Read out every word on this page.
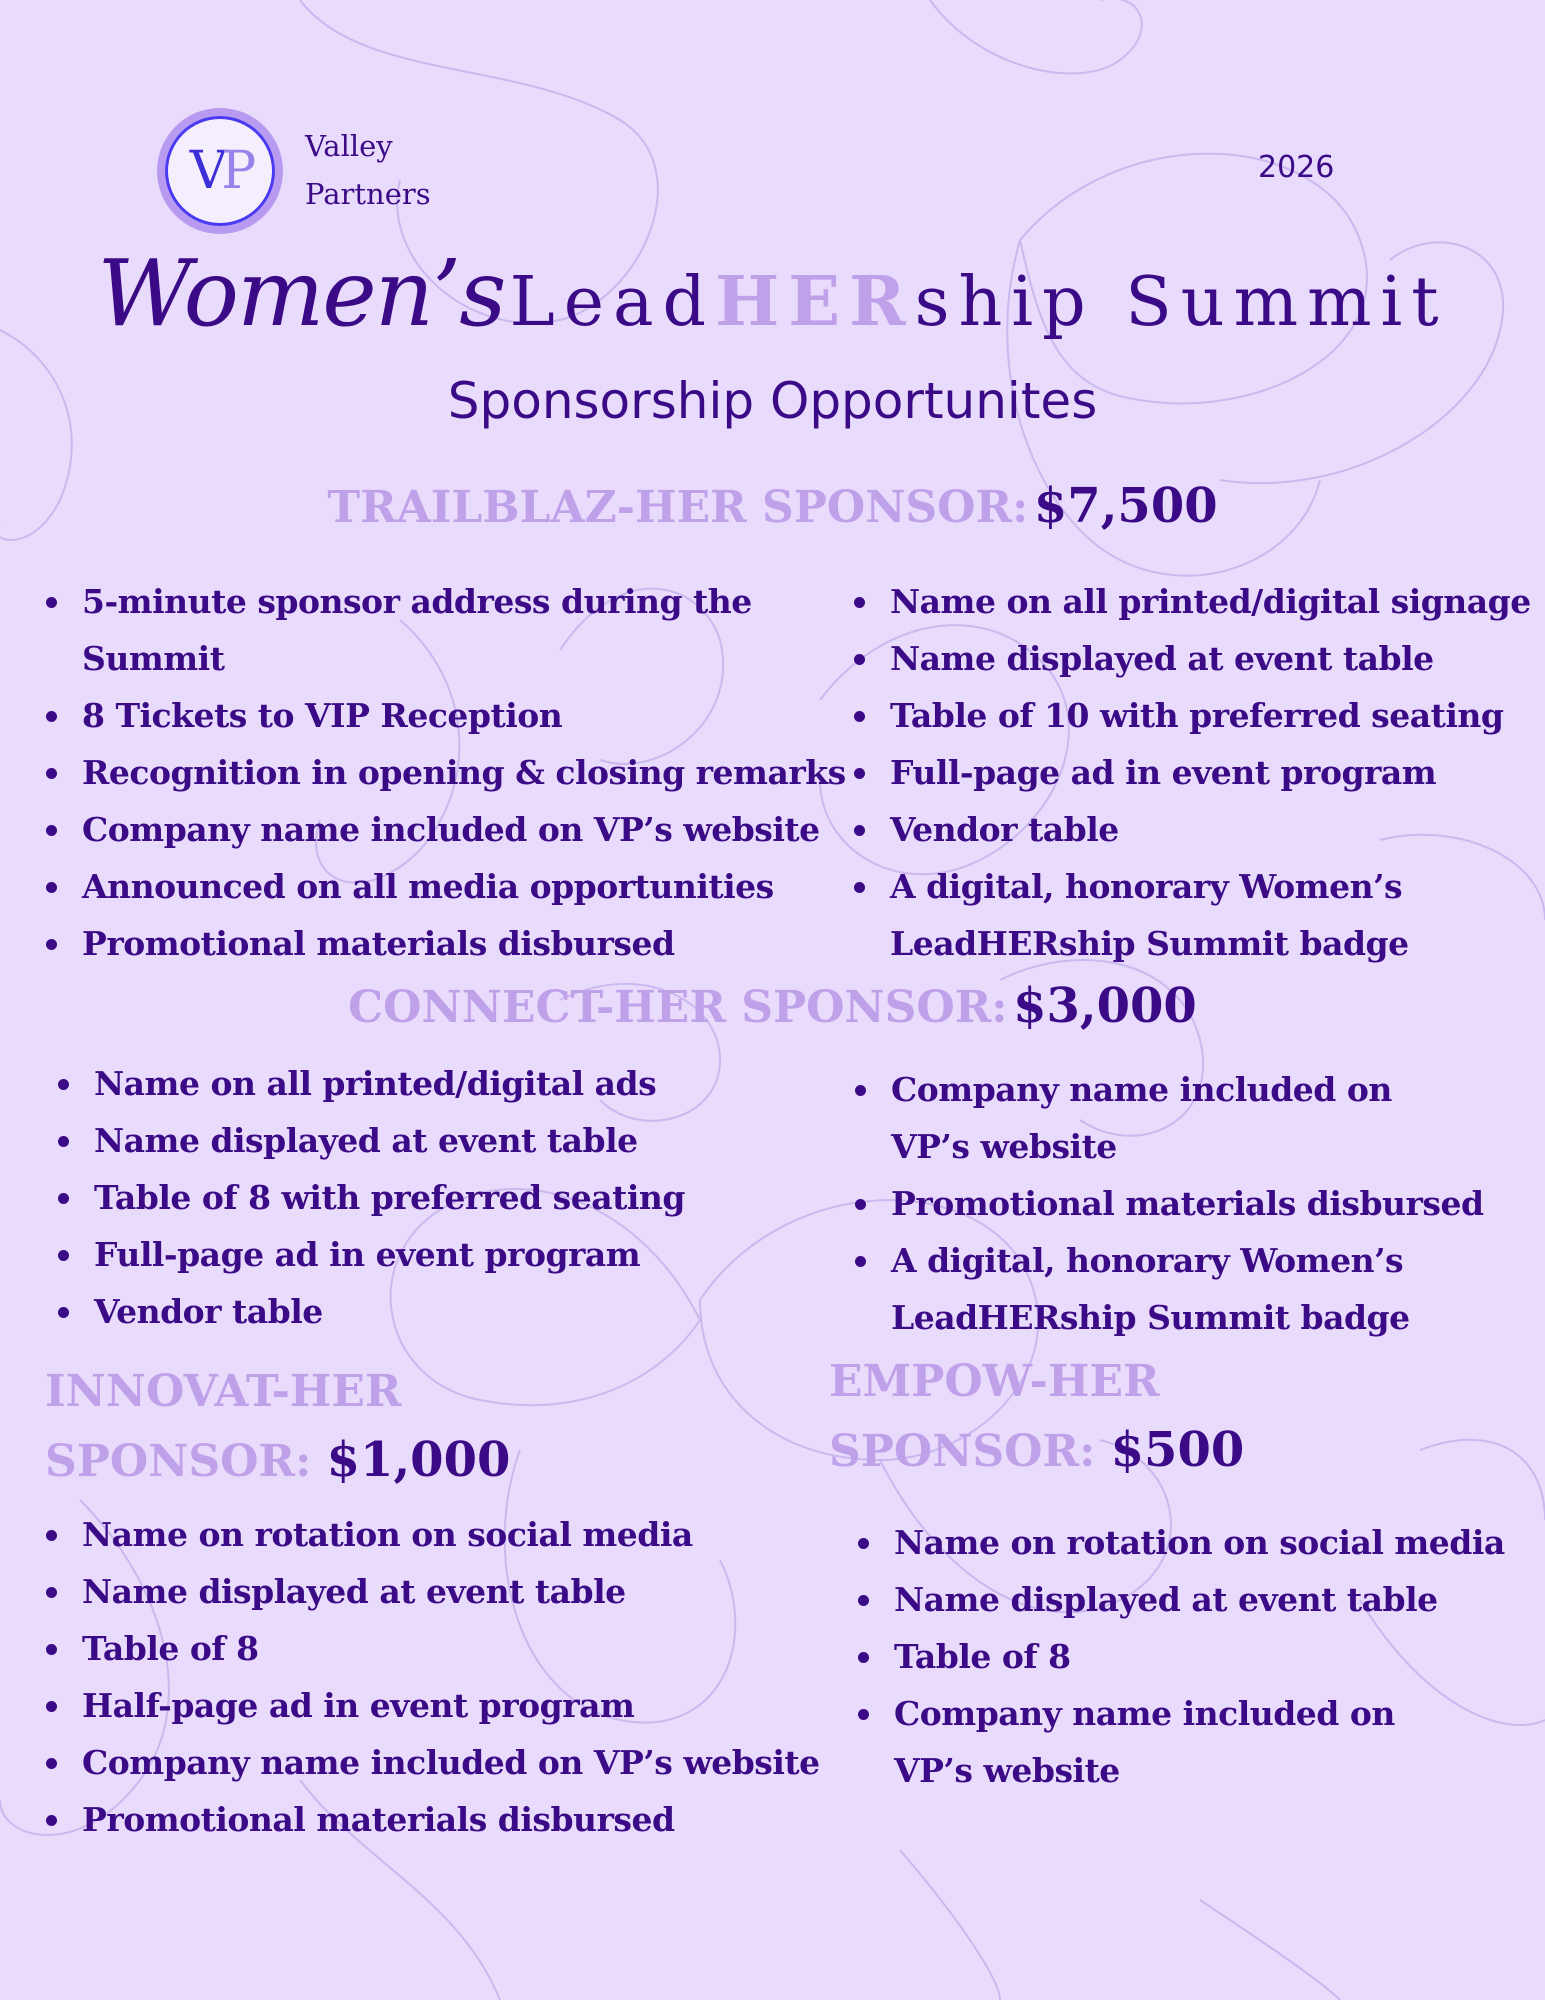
VP Valley
Partners
2026
Women’s LeadHERship Summit
Sponsorship Opportunites
TRAILBLAZ-HER SPONSOR: $7,500
5-minute sponsor address during the Summit
8 Tickets to VIP Reception
Recognition in opening & closing remarks
Company name included on VP’s website
Announced on all media opportunities
Promotional materials disbursed
Name on all printed/digital signage
Name displayed at event table
Table of 10 with preferred seating
Full-page ad in event program
Vendor table
A digital, honorary Women’s LeadHERship Summit badge
CONNECT-HER SPONSOR: $3,000
Name on all printed/digital ads
Name displayed at event table
Table of 8 with preferred seating
Full-page ad in event program
Vendor table
Company name included on VP’s website
Promotional materials disbursed
A digital, honorary Women’s LeadHERship Summit badge
INNOVAT-HER
SPONSOR: $1,000
Name on rotation on social media
Name displayed at event table
Table of 8
Half-page ad in event program
Company name included on VP’s website
Promotional materials disbursed
EMPOW-HER
SPONSOR: $500
Name on rotation on social media
Name displayed at event table
Table of 8
Company name included on VP’s website
